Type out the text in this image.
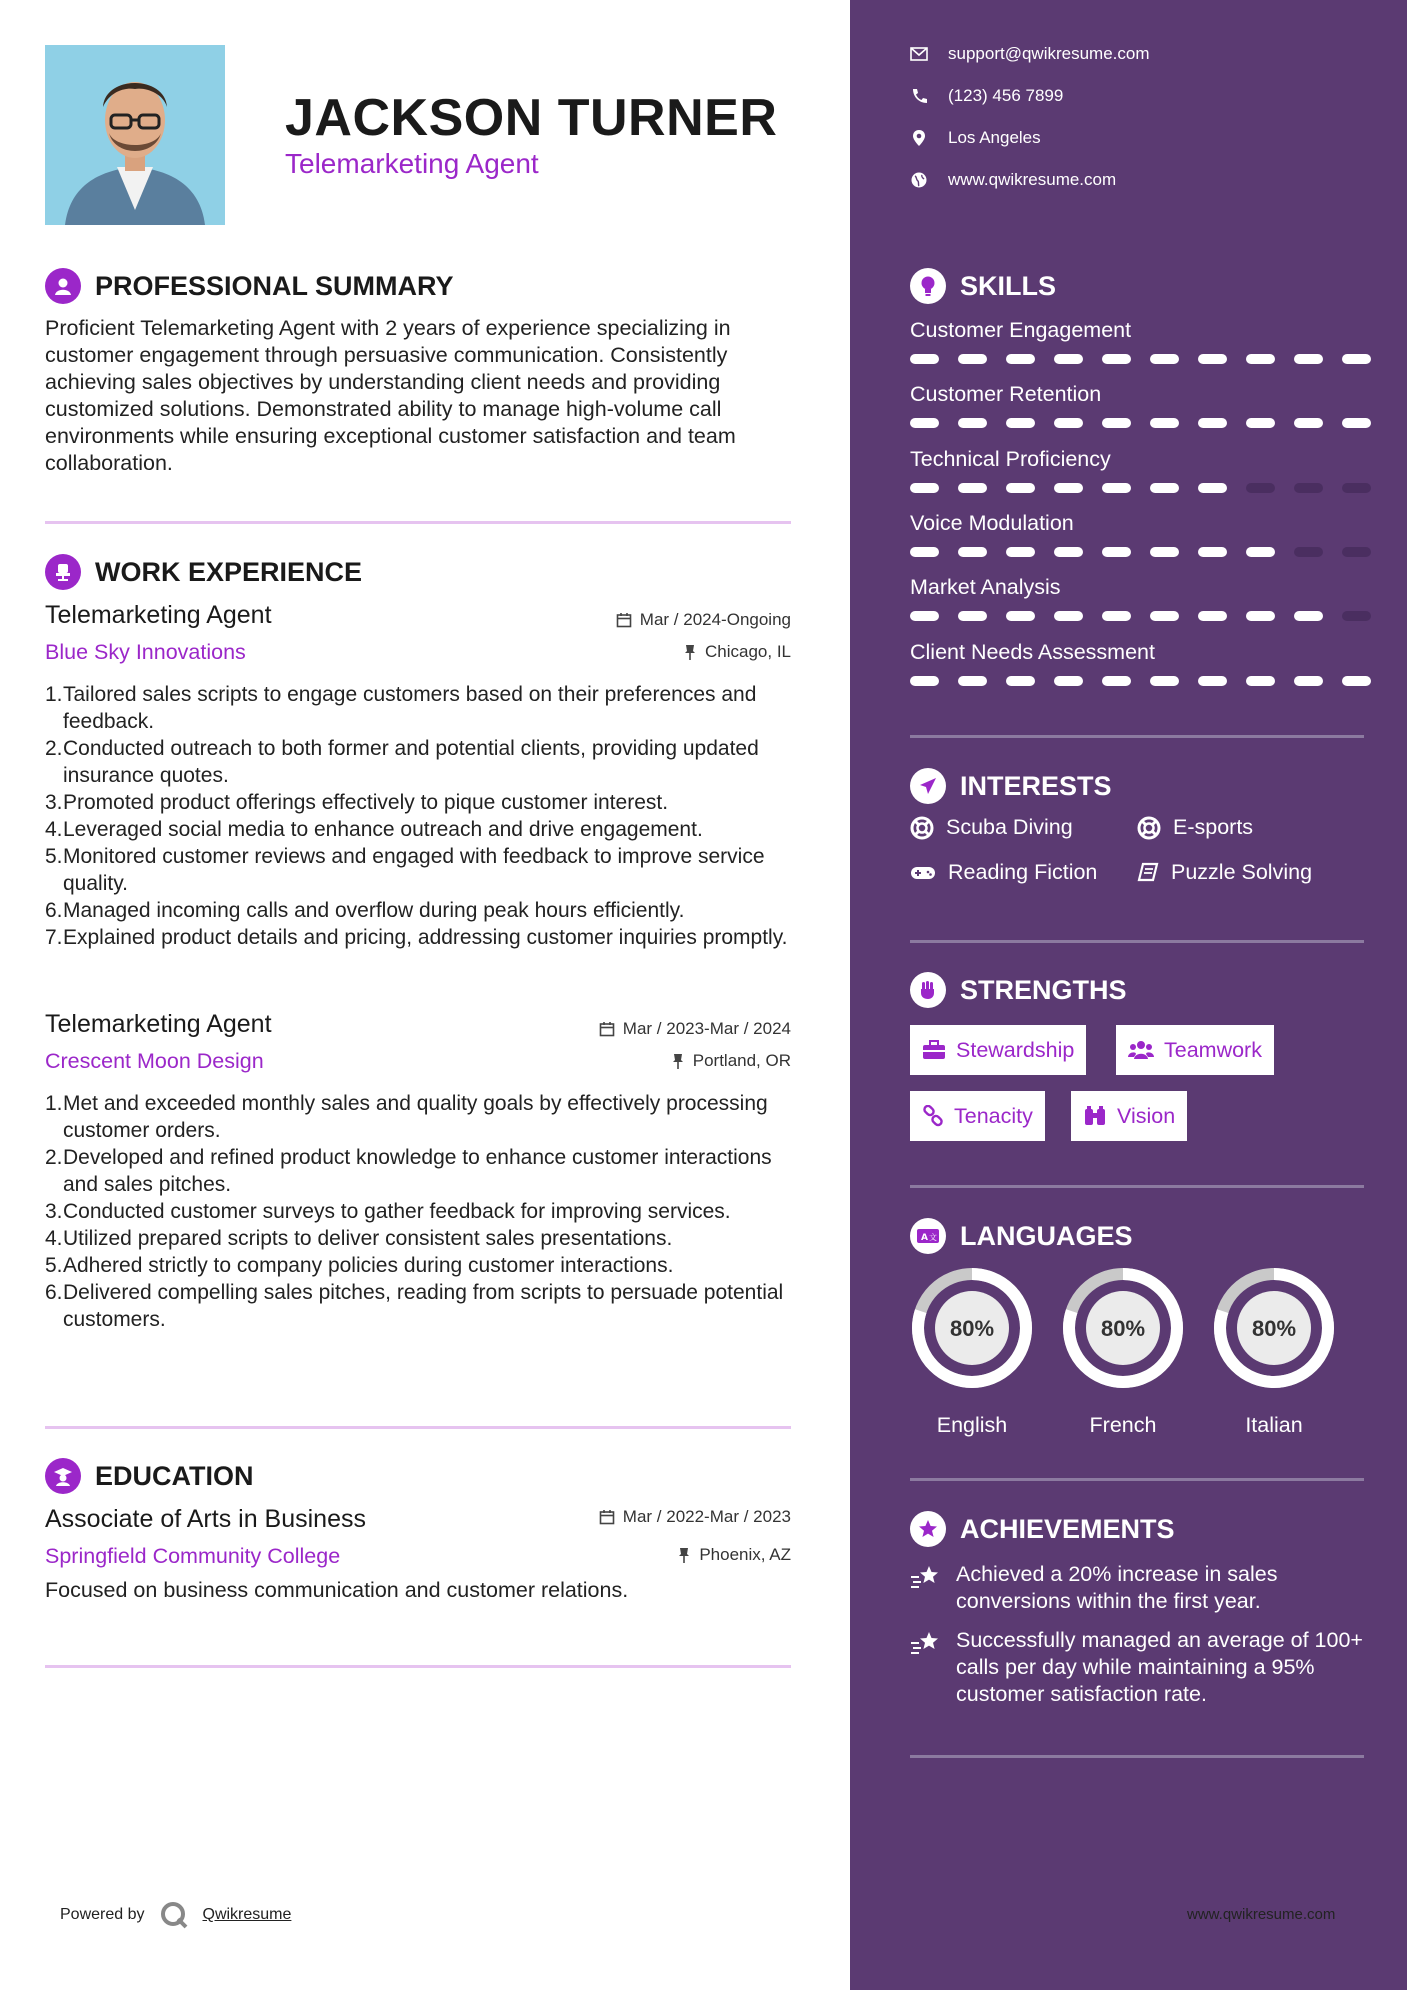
JACKSON TURNER
Telemarketing Agent
PROFESSIONAL SUMMARY
Proficient Telemarketing Agent with 2 years of experience specializing in customer engagement through persuasive communication. Consistently achieving sales objectives by understanding client needs and providing customized solutions. Demonstrated ability to manage high-volume call environments while ensuring exceptional customer satisfaction and team collaboration.
WORK EXPERIENCE
Telemarketing Agent
Blue Sky Innovations
Mar / 2024-Ongoing
Chicago, IL
1. Tailored sales scripts to engage customers based on their preferences and feedback.
2. Conducted outreach to both former and potential clients, providing updated insurance quotes.
3. Promoted product offerings effectively to pique customer interest.
4. Leveraged social media to enhance outreach and drive engagement.
5. Monitored customer reviews and engaged with feedback to improve service quality.
6. Managed incoming calls and overflow during peak hours efficiently.
7. Explained product details and pricing, addressing customer inquiries promptly.
Telemarketing Agent
Crescent Moon Design
Mar / 2023-Mar / 2024
Portland, OR
1. Met and exceeded monthly sales and quality goals by effectively processing customer orders.
2. Developed and refined product knowledge to enhance customer interactions and sales pitches.
3. Conducted customer surveys to gather feedback for improving services.
4. Utilized prepared scripts to deliver consistent sales presentations.
5. Adhered strictly to company policies during customer interactions.
6. Delivered compelling sales pitches, reading from scripts to persuade potential customers.
EDUCATION
Associate of Arts in Business
Springfield Community College
Mar / 2022-Mar / 2023
Phoenix, AZ
Focused on business communication and customer relations.
Powered by	Qwikresume
support@qwikresume.com
(123) 456 7899
Los Angeles
www.qwikresume.com
SKILLS
Customer Engagement
Customer Retention
Technical Proficiency
Voice Modulation
Market Analysis
Client Needs Assessment
INTERESTS
Scuba Diving	E-sports
Reading Fiction	Puzzle Solving
STRENGTHS
Stewardship	Teamwork
Tenacity	Vision
A 文 LANGUAGES
80%
English
80%
French
80%
Italian
ACHIEVEMENTS
Achieved a 20% increase in sales conversions within the first year.
Successfully managed an average of 100+ calls per day while maintaining a 95% customer satisfaction rate.
www.qwikresume.com
